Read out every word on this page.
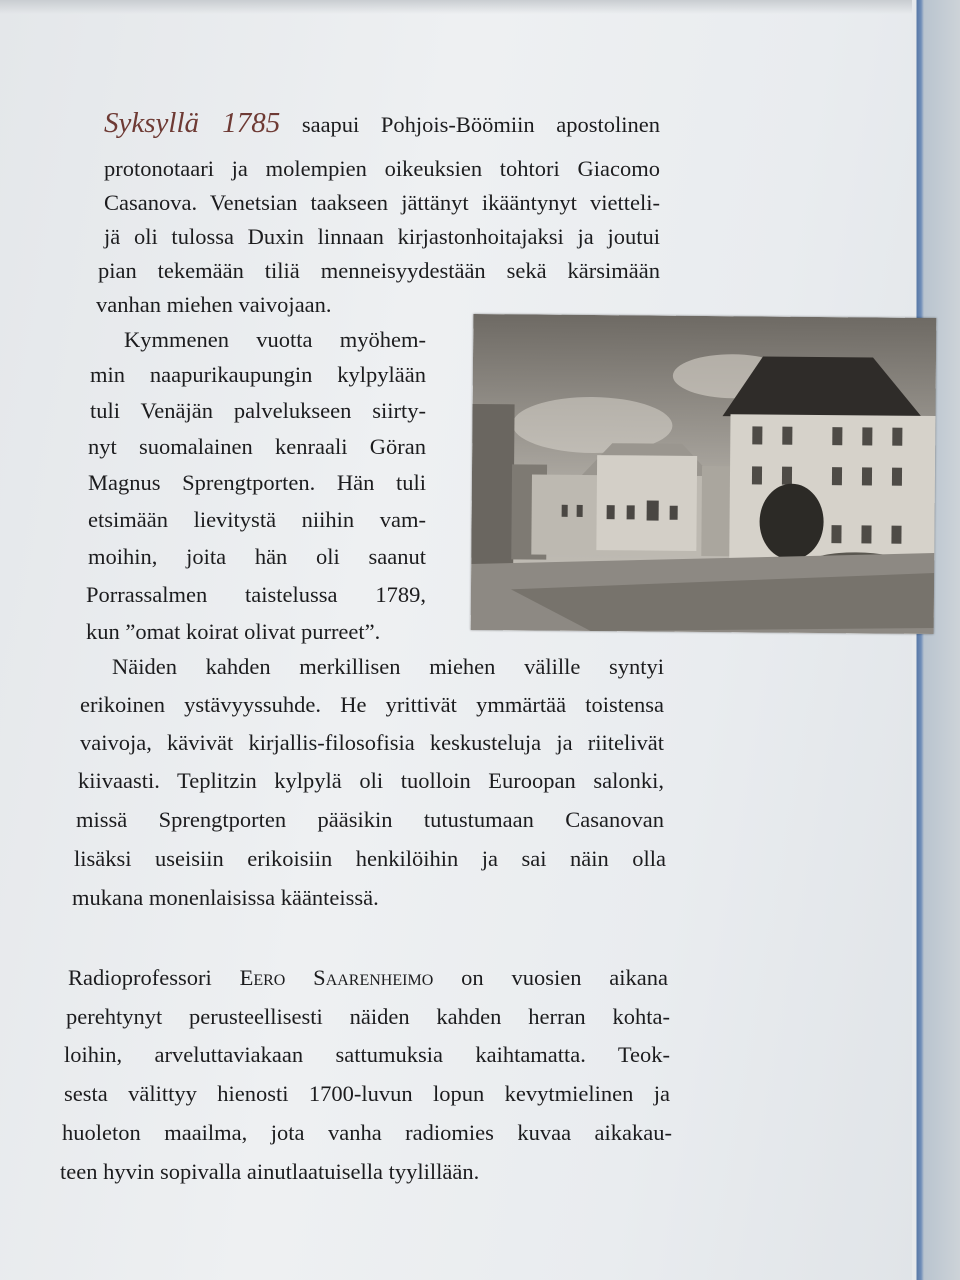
Syksyllä 1785 saapui Pohjois-Böömiin apostolinen
protonotaari ja molempien oikeuksien tohtori Giacomo
Casanova. Venetsian taakseen jättänyt ikääntynyt vietteli-
jä oli tulossa Duxin linnaan kirjastonhoitajaksi ja joutui
pian tekemään tiliä menneisyydestään sekä kärsimään
vanhan miehen vaivojaan.
Kymmenen vuotta myöhem-
min naapurikaupungin kylpylään
tuli Venäjän palvelukseen siirty-
nyt suomalainen kenraali Göran
Magnus Sprengtporten. Hän tuli
etsimään lievitystä niihin vam-
moihin, joita hän oli saanut
Porrassalmen taistelussa 1789,
kun ”omat koirat olivat purreet”.
Näiden kahden merkillisen miehen välille syntyi
erikoinen ystävyyssuhde. He yrittivät ymmärtää toistensa
vaivoja, kävivät kirjallis-filosofisia keskusteluja ja riitelivät
kiivaasti. Teplitzin kylpylä oli tuolloin Euroopan salonki,
missä Sprengtporten pääsikin tutustumaan Casanovan
lisäksi useisiin erikoisiin henkilöihin ja sai näin olla
mukana monenlaisissa käänteissä.
Radioprofessori Eero Saarenheimo on vuosien aikana
perehtynyt perusteellisesti näiden kahden herran kohta-
loihin, arveluttaviakaan sattumuksia kaihtamatta. Teok-
sesta välittyy hienosti 1700-luvun lopun kevytmielinen ja
huoleton maailma, jota vanha radiomies kuvaa aikakau-
teen hyvin sopivalla ainutlaatuisella tyylillään.
